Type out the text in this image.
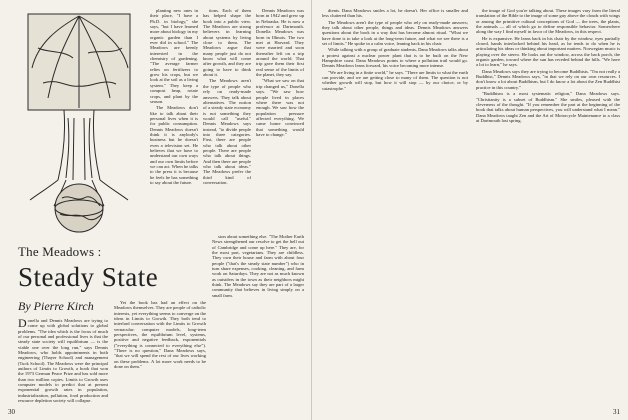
planting new ones in their place, "I have a Ph.D. in biology," she says, "but I have learned more about biology in my organic garden than I ever did in school." The Meadows are keenly interested in the chemistry of gardening. "The average farmer relies on fertilizers to grow his crops, but we look at the soil as a living system." They keep a compost heap, rotate crops, and plant by the season.

The Meadows don't like to talk about their personal lives when it is for public consumption. Dennis Meadows doesn't think it is anybody's business but he doesn't even a television set. He believes that we have to understand our own ways and our own limits before we can act. When he talks to the press it is because he feels he has something to say about the future.

tions. Each of them has helped shape the book into a public view. The Meadows are strong believers in learning about systems by living close to them. The Meadows argue that many people just do not know what will come after growth, and they are going to have to think about it.

The Meadows aren't the type of people who rely on ready-made answers. They talk about alternatives. The notion of a steady state economy is not something they would call "useful." Dennis Meadows says instead, "to divide people into three categories. First, there are people who talk about other people. There are people who talk about things. And then there are people who talk about ideas." The Meadows prefer the third kind of conversation.

Dennis Meadows was born in 1942 and grew up in Nebraska. He is now a professor at Dartmouth. Donella Meadows was born in Illinois. The two met at Harvard. They were married and soon thereafter left on a trip around the world. That trip gave them their first real sense of the limits of the planet, they say.

"What we saw on that trip changed us," Donella says. "We saw how people lived in places where there was not enough. We saw how the population pressure affected everything. We came home convinced that something would have to change."

The Meadows :

Steady State

By Pierre Kirch

Donella and Dennis Meadows are trying to come up with global solutions to global problems. "The idea which is the focus of much of our personal and professional lives is that the steady state society will equilibrium — is the viable one over the long run," says Dennis Meadows, who holds appointments in both engineering (Thayer School) and management (Tuck School). The Meadows were the principal authors of Limits to Growth, a book that won the 1973 German Peace Prize and has sold more than two million copies. Limits to Growth uses computer models to predict that at present exponential growth rates in population, industrialization, pollution, food production and resource depletion society will collapse.

Yet the book has had an effect on the Meadows themselves. They are people of catholic interests, yet everything seems to converge on the ideas in Limits to Growth. They both tend to interlard conversation with the Limits to Growth vernacular: computer models, long-term perspectives, the equilibrium level, systems, positive and negative feedback, exponentials ("everything is connected to everything else"). "There is no question," Dana Meadows says, "that we will spend the rest of our lives working on these problems. A lot more work needs to be done on them."

sion about something else. "The Mother Earth News strengthened our resolve to get the hell out of Cambridge and come up here." They are, for the most part, vegetarians. They are childless. They own their house and farm with about four people ("that's the steady state number") who in turn share expenses, cooking, cleaning, and farm work on Saturdays. They are not as much known as outsiders in the town as their neighbors might think. The Meadows say they are part of a larger community that believes in living simply on a small farm.

30

dients. Dana Meadows smiles a lot, he doesn't. Her office is smaller and less cluttered than his.

The Meadows aren't the type of people who rely on ready-made answers; they talk about other people, things and ideas. Dennis Meadows answers questions about the book in a way that has become almost ritual. "What we have done is to take a look at the long-term future, and what we see there is a set of limits." He spoke in a calm voice, leaning back in his chair.

While talking with a group of graduate students, Dana Meadows talks about a protest against a nuclear power plant that is to be built on the New Hampshire coast. Dana Meadows points to where a pollution trail would go. Dennis Meadows leans forward, his voice becoming more intense.

"We are living in a finite world," he says. "There are limits to what the earth can provide, and we are getting close to many of them. The question is not whether growth will stop, but how it will stop — by our choice, or by catastrophe."

the image of God you're talking about. These images vary from the literal translation of the Bible to the image of some guy above the clouds with wings or among the primitive cultural conceptions of God — the trees, the plants, the animals — all of which go to define responsible behavior. Somewhere along the way I find myself in favor of the Meadows, in this respect.

He is expansive. He leans back in his chair by the window, eyes partially closed, hands interlocked behind his head, as he tends to do when he is articulating his ideas or thinking about important matters. Norwegian music is playing over the stereo. He looks out the window, across the back porch, the organic garden, toward where the sun has receded behind the hills. "We have a lot to learn," he says.

Dana Meadows says they are trying to become Buddhists. "I'm not really a Buddhist," Dennis Meadows says, "in that we rely on our own resources. I don't know a lot about Buddhism, but I do know a lot about the Zen Buddhist practice in this country."

"Buddhism is a most systematic religion," Dana Meadows says. "Christianity is a subset of Buddhism." She smiles, pleased with the cleverness of the thought. "If you remember the part at the beginning of the book that talks about human perspectives, you will understand what I mean." Dana Meadows taught Zen and the Art of Motorcycle Maintenance to a class at Dartmouth last spring.

31
